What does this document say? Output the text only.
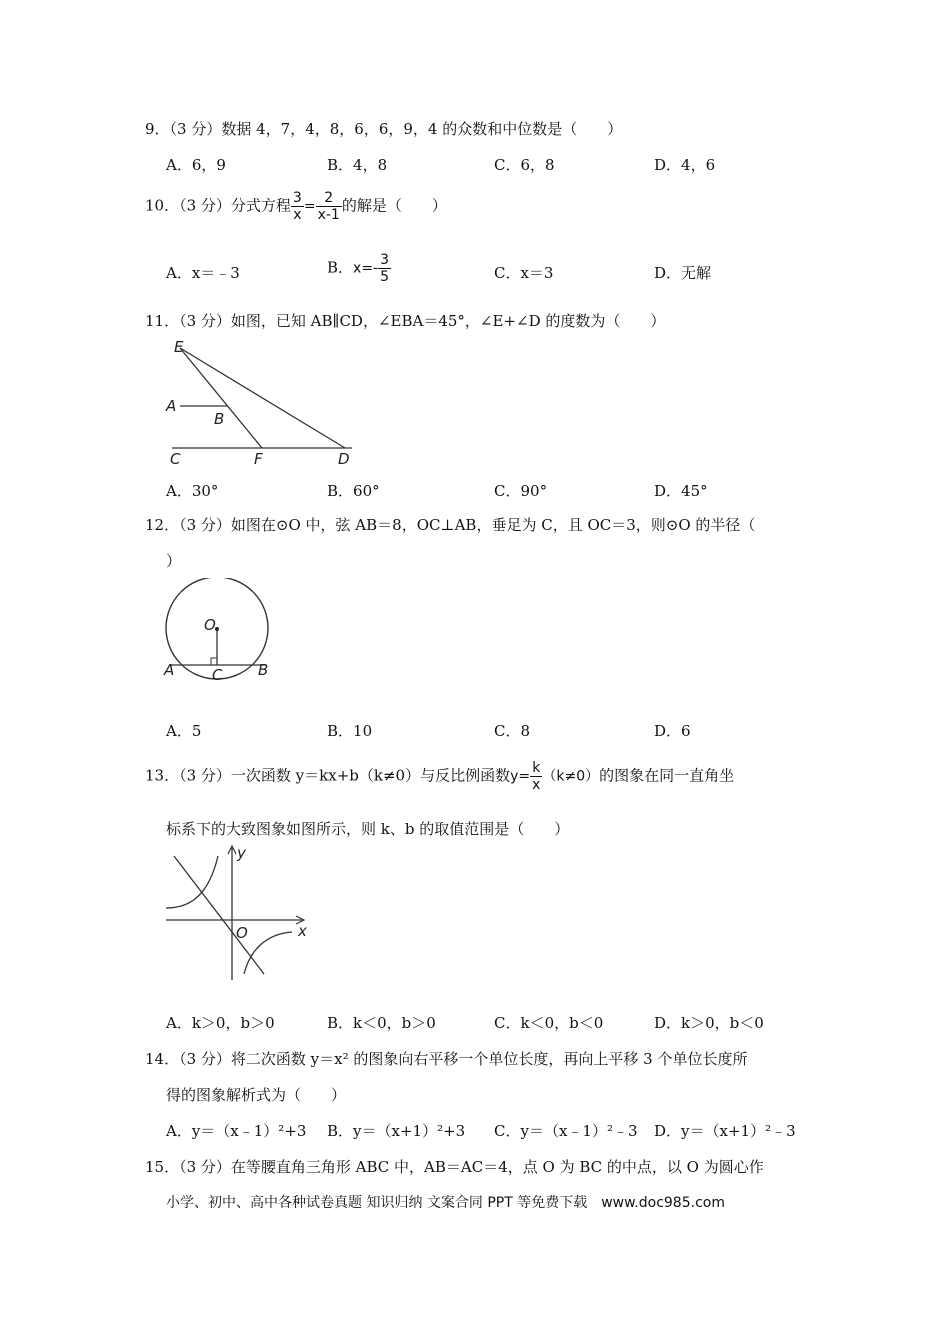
9．（3 分）数据 4，7，4，8，6，6，9，4 的众数和中位数是（　　）
A．6，9	B．4，8	C．6，8	D．4，6
10．（3 分）分式方程 $\frac{3}{x} = \frac{2}{x-1}$ 的解是（　　）
A．x＝﹣3	B．$x=- \frac{3}{5}$	C．x＝3	D．无解
11．（3 分）如图，已知 AB∥CD，∠EBA＝45°，∠E+∠D 的度数为（　　）
E
A
B
C	F	D
A．30°	B．60°	C．90°	D．45°
12．（3 分）如图在⊙O 中，弦 AB＝8，OC⊥AB，垂足为 C，且 OC＝3，则⊙O 的半径（
）
O
A	C B
A．5	B．10	C．8	D．6
13．（3 分）一次函数 y＝kx+b（k≠0）与反比例函数$y= \frac{k}{x} (k\ne 0)$的图象在同一直角坐
标系下的大致图象如图所示，则 k、b 的取值范围是（　　）
y
x
O
A．k＞0，b＞0	B．k＜0，b＞0	C．k＜0，b＜0	D．k＞0，b＜0
14．（3 分）将二次函数 y＝x² 的图象向右平移一个单位长度，再向上平移 3 个单位长度所
得的图象解析式为（　　）
A．y＝（x﹣1）²+3 B．y＝（x+1）²+3 C．y＝（x﹣1）²﹣3 D．y＝（x+1）²﹣3
15．（3 分）在等腰直角三角形 ABC 中，AB＝AC＝4，点 O 为 BC 的中点，以 O 为圆心作
小学、初中、高中各种试卷真题 知识归纳 文案合同 PPT 等免费下载　www.doc985.com
